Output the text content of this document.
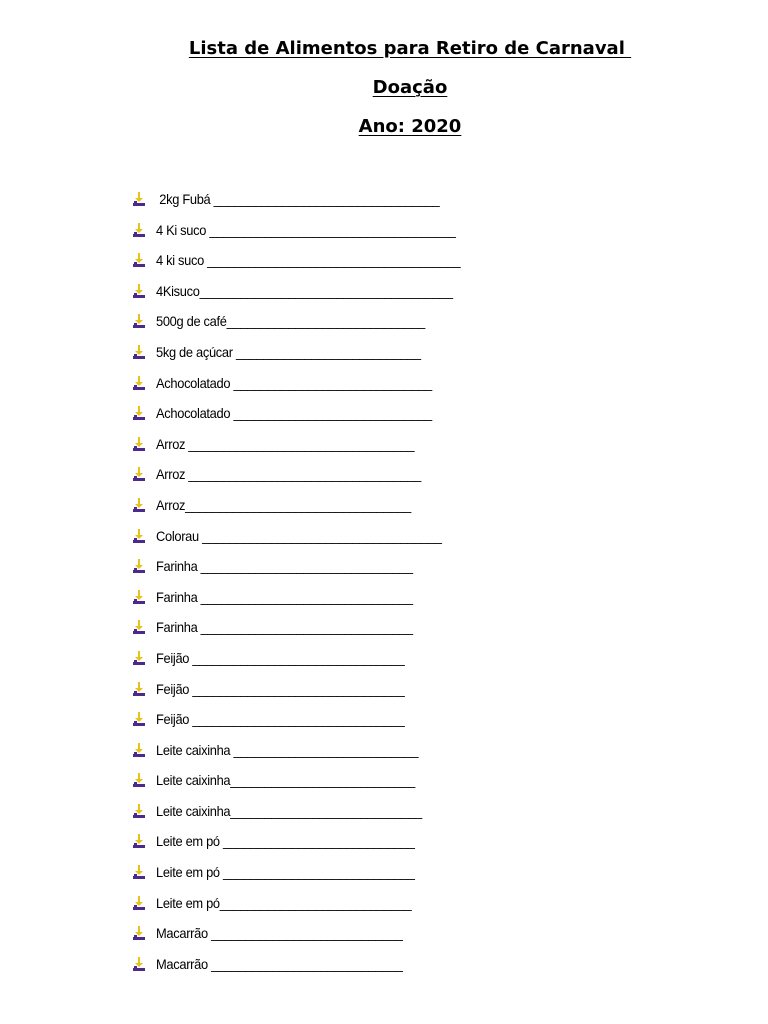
Lista de Alimentos para Retiro de Carnaval
Doação
Ano: 2020
2kg Fubá _________________________________
4 Ki suco ____________________________________
4 ki suco _____________________________________
4Kisuco_____________________________________
500g de café_____________________________
5kg de açúcar ___________________________
Achocolatado _____________________________
Achocolatado _____________________________
Arroz _________________________________
Arroz __________________________________
Arroz_________________________________
Colorau ___________________________________
Farinha _______________________________
Farinha _______________________________
Farinha _______________________________
Feijão _______________________________
Feijão _______________________________
Feijão _______________________________
Leite caixinha ___________________________
Leite caixinha___________________________
Leite caixinha____________________________
Leite em pó ____________________________
Leite em pó ____________________________
Leite em pó____________________________
Macarrão ____________________________
Macarrão ____________________________
